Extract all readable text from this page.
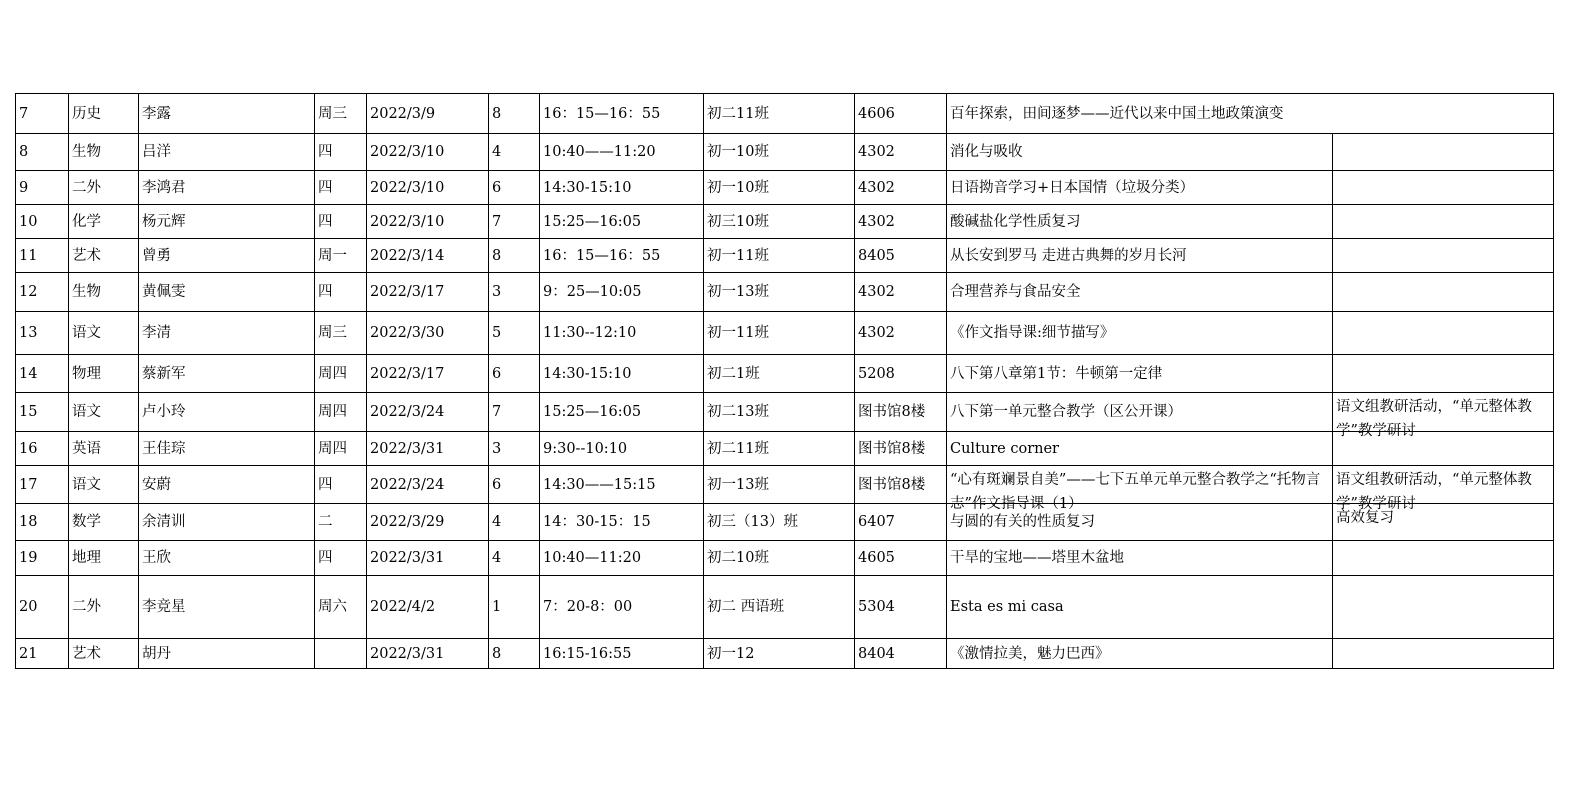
7	历史	李露	周三	2022/3/9	8	16：15—16：55	初二11班	4606	百年探索，田间逐梦——近代以来中国土地政策演变	

8	生物	吕洋	四	2022/3/10	4	10:40——11:20	初一10班	4302	消化与吸收	

9	二外	李鸿君	四	2022/3/10	6	14:30-15:10	初一10班	4302	日语拗音学习+日本国情（垃圾分类）	

10	化学	杨元辉	四	2022/3/10	7	15:25—16:05	初三10班	4302	酸碱盐化学性质复习	

11	艺术	曾勇	周一	2022/3/14	8	16：15—16：55	初一11班	8405	从长安到罗马 走进古典舞的岁月长河	

12	生物	黄佩雯	四	2022/3/17	3	9：25—10:05	初一13班	4302	合理营养与食品安全	

13	语文	李清	周三	2022/3/30	5	11:30--12:10	初一11班	4302	《作文指导课:细节描写》	

14	物理	蔡新军	周四	2022/3/17	6	14:30-15:10	初二1班	5208	八下第八章第1节：牛顿第一定律	

15	语文	卢小玲	周四	2022/3/24	7	15:25—16:05	初二13班	图书馆8楼	八下第一单元整合教学（区公开课）	语文组教研活动，“单元整体教学”教学研讨

16	英语	王佳琮	周四	2022/3/31	3	9:30--10:10	初二11班	图书馆8楼	Culture corner	

17	语文	安蔚	四	2022/3/24	6	14:30——15:15	初一13班	图书馆8楼	“心有斑斓景自美”——七下五单元单元整合教学之“托物言志”作文指导课（1）	语文组教研活动，“单元整体教学”教学研讨

18	数学	余清训	二	2022/3/29	4	14：30-15：15	初三（13）班	6407	与圆的有关的性质复习	高效复习

19	地理	王欣	四	2022/3/31	4	10:40—11:20	初二10班	4605	干旱的宝地——塔里木盆地	

20	二外	李竞星	周六	2022/4/2	1	7：20-8：00	初二 西语班	5304	Esta es mi casa	

21	艺术	胡丹		2022/3/31	8	16:15-16:55	初一12	8404	《激情拉美，魅力巴西》	
